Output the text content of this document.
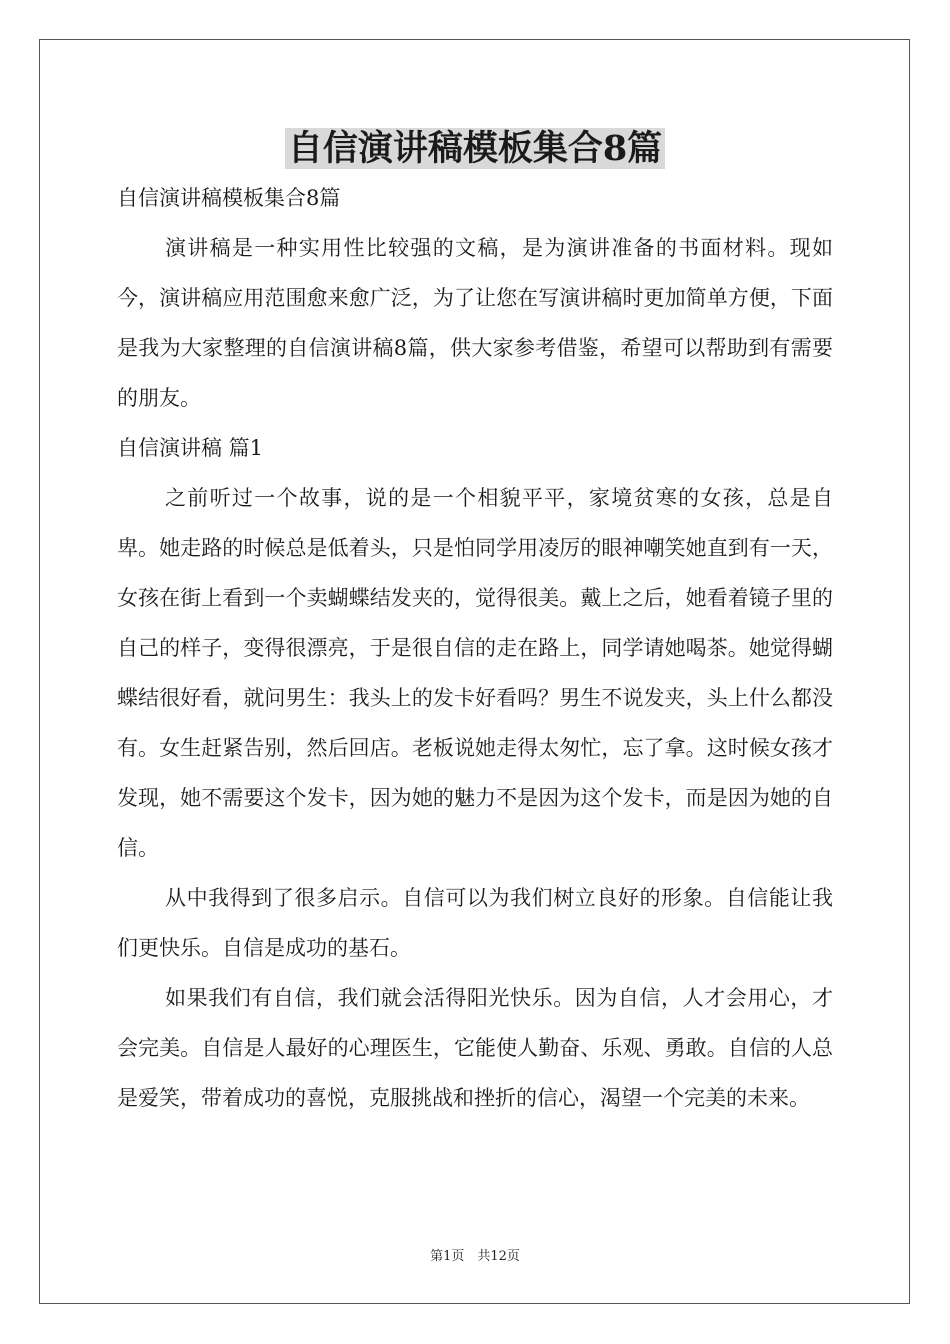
自信演讲稿模板集合8篇

自信演讲稿模板集合8篇

演讲稿是一种实用性比较强的文稿，是为演讲准备的书面材料。现如今，演讲稿应用范围愈来愈广泛，为了让您在写演讲稿时更加简单方便，下面是我为大家整理的自信演讲稿8篇，供大家参考借鉴，希望可以帮助到有需要的朋友。

自信演讲稿 篇1

之前听过一个故事，说的是一个相貌平平，家境贫寒的女孩，总是自卑。她走路的时候总是低着头，只是怕同学用凌厉的眼神嘲笑她直到有一天，女孩在街上看到一个卖蝴蝶结发夹的，觉得很美。戴上之后，她看着镜子里的自己的样子，变得很漂亮，于是很自信的走在路上，同学请她喝茶。她觉得蝴蝶结很好看，就问男生：我头上的发卡好看吗？男生不说发夹，头上什么都没有。女生赶紧告别，然后回店。老板说她走得太匆忙，忘了拿。这时候女孩才发现，她不需要这个发卡，因为她的魅力不是因为这个发卡，而是因为她的自信。

从中我得到了很多启示。自信可以为我们树立良好的形象。自信能让我们更快乐。自信是成功的基石。

如果我们有自信，我们就会活得阳光快乐。因为自信，人才会用心，才会完美。自信是人最好的心理医生，它能使人勤奋、乐观、勇敢。自信的人总是爱笑，带着成功的喜悦，克服挑战和挫折的信心，渴望一个完美的未来。

第1页　共12页
